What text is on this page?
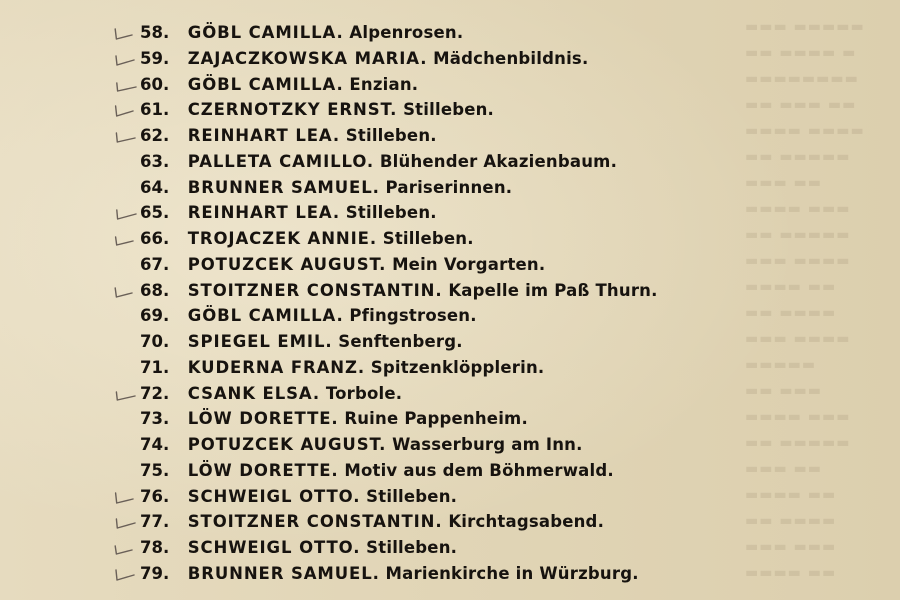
▬▬▬ ▬▬▬▬▬
▬▬ ▬▬▬▬ ▬
▬▬▬▬▬▬▬▬
▬▬ ▬▬▬ ▬▬
▬▬▬▬ ▬▬▬▬
▬▬ ▬▬▬▬▬
▬▬▬ ▬▬
▬▬▬▬ ▬▬▬
▬▬ ▬▬▬▬▬
▬▬▬ ▬▬▬▬
▬▬▬▬ ▬▬
▬▬ ▬▬▬▬
▬▬▬ ▬▬▬▬
▬▬▬▬▬
▬▬ ▬▬▬
▬▬▬▬ ▬▬▬
▬▬ ▬▬▬▬▬
▬▬▬ ▬▬
▬▬▬▬ ▬▬
▬▬ ▬▬▬▬
▬▬▬ ▬▬▬
▬▬▬▬ ▬▬
58. GÖBL CAMILLA. Alpenrosen.
59. ZAJACZKOWSKA MARIA. Mädchenbildnis.
60. GÖBL CAMILLA. Enzian.
61. CZERNOTZKY ERNST. Stilleben.
62. REINHART LEA. Stilleben.
63. PALLETA CAMILLO. Blühender Akazienbaum.
64. BRUNNER SAMUEL. Pariserinnen.
65. REINHART LEA. Stilleben.
66. TROJACZEK ANNIE. Stilleben.
67. POTUZCEK AUGUST. Mein Vorgarten.
68. STOITZNER CONSTANTIN. Kapelle im Paß Thurn.
69. GÖBL CAMILLA. Pfingstrosen.
70. SPIEGEL EMIL. Senftenberg.
71. KUDERNA FRANZ. Spitzenklöpplerin.
72. CSANK ELSA. Torbole.
73. LÖW DORETTE. Ruine Pappenheim.
74. POTUZCEK AUGUST. Wasserburg am Inn.
75. LÖW DORETTE. Motiv aus dem Böhmerwald.
76. SCHWEIGL OTTO. Stilleben.
77. STOITZNER CONSTANTIN. Kirchtagsabend.
78. SCHWEIGL OTTO. Stilleben.
79. BRUNNER SAMUEL. Marienkirche in Würzburg.
